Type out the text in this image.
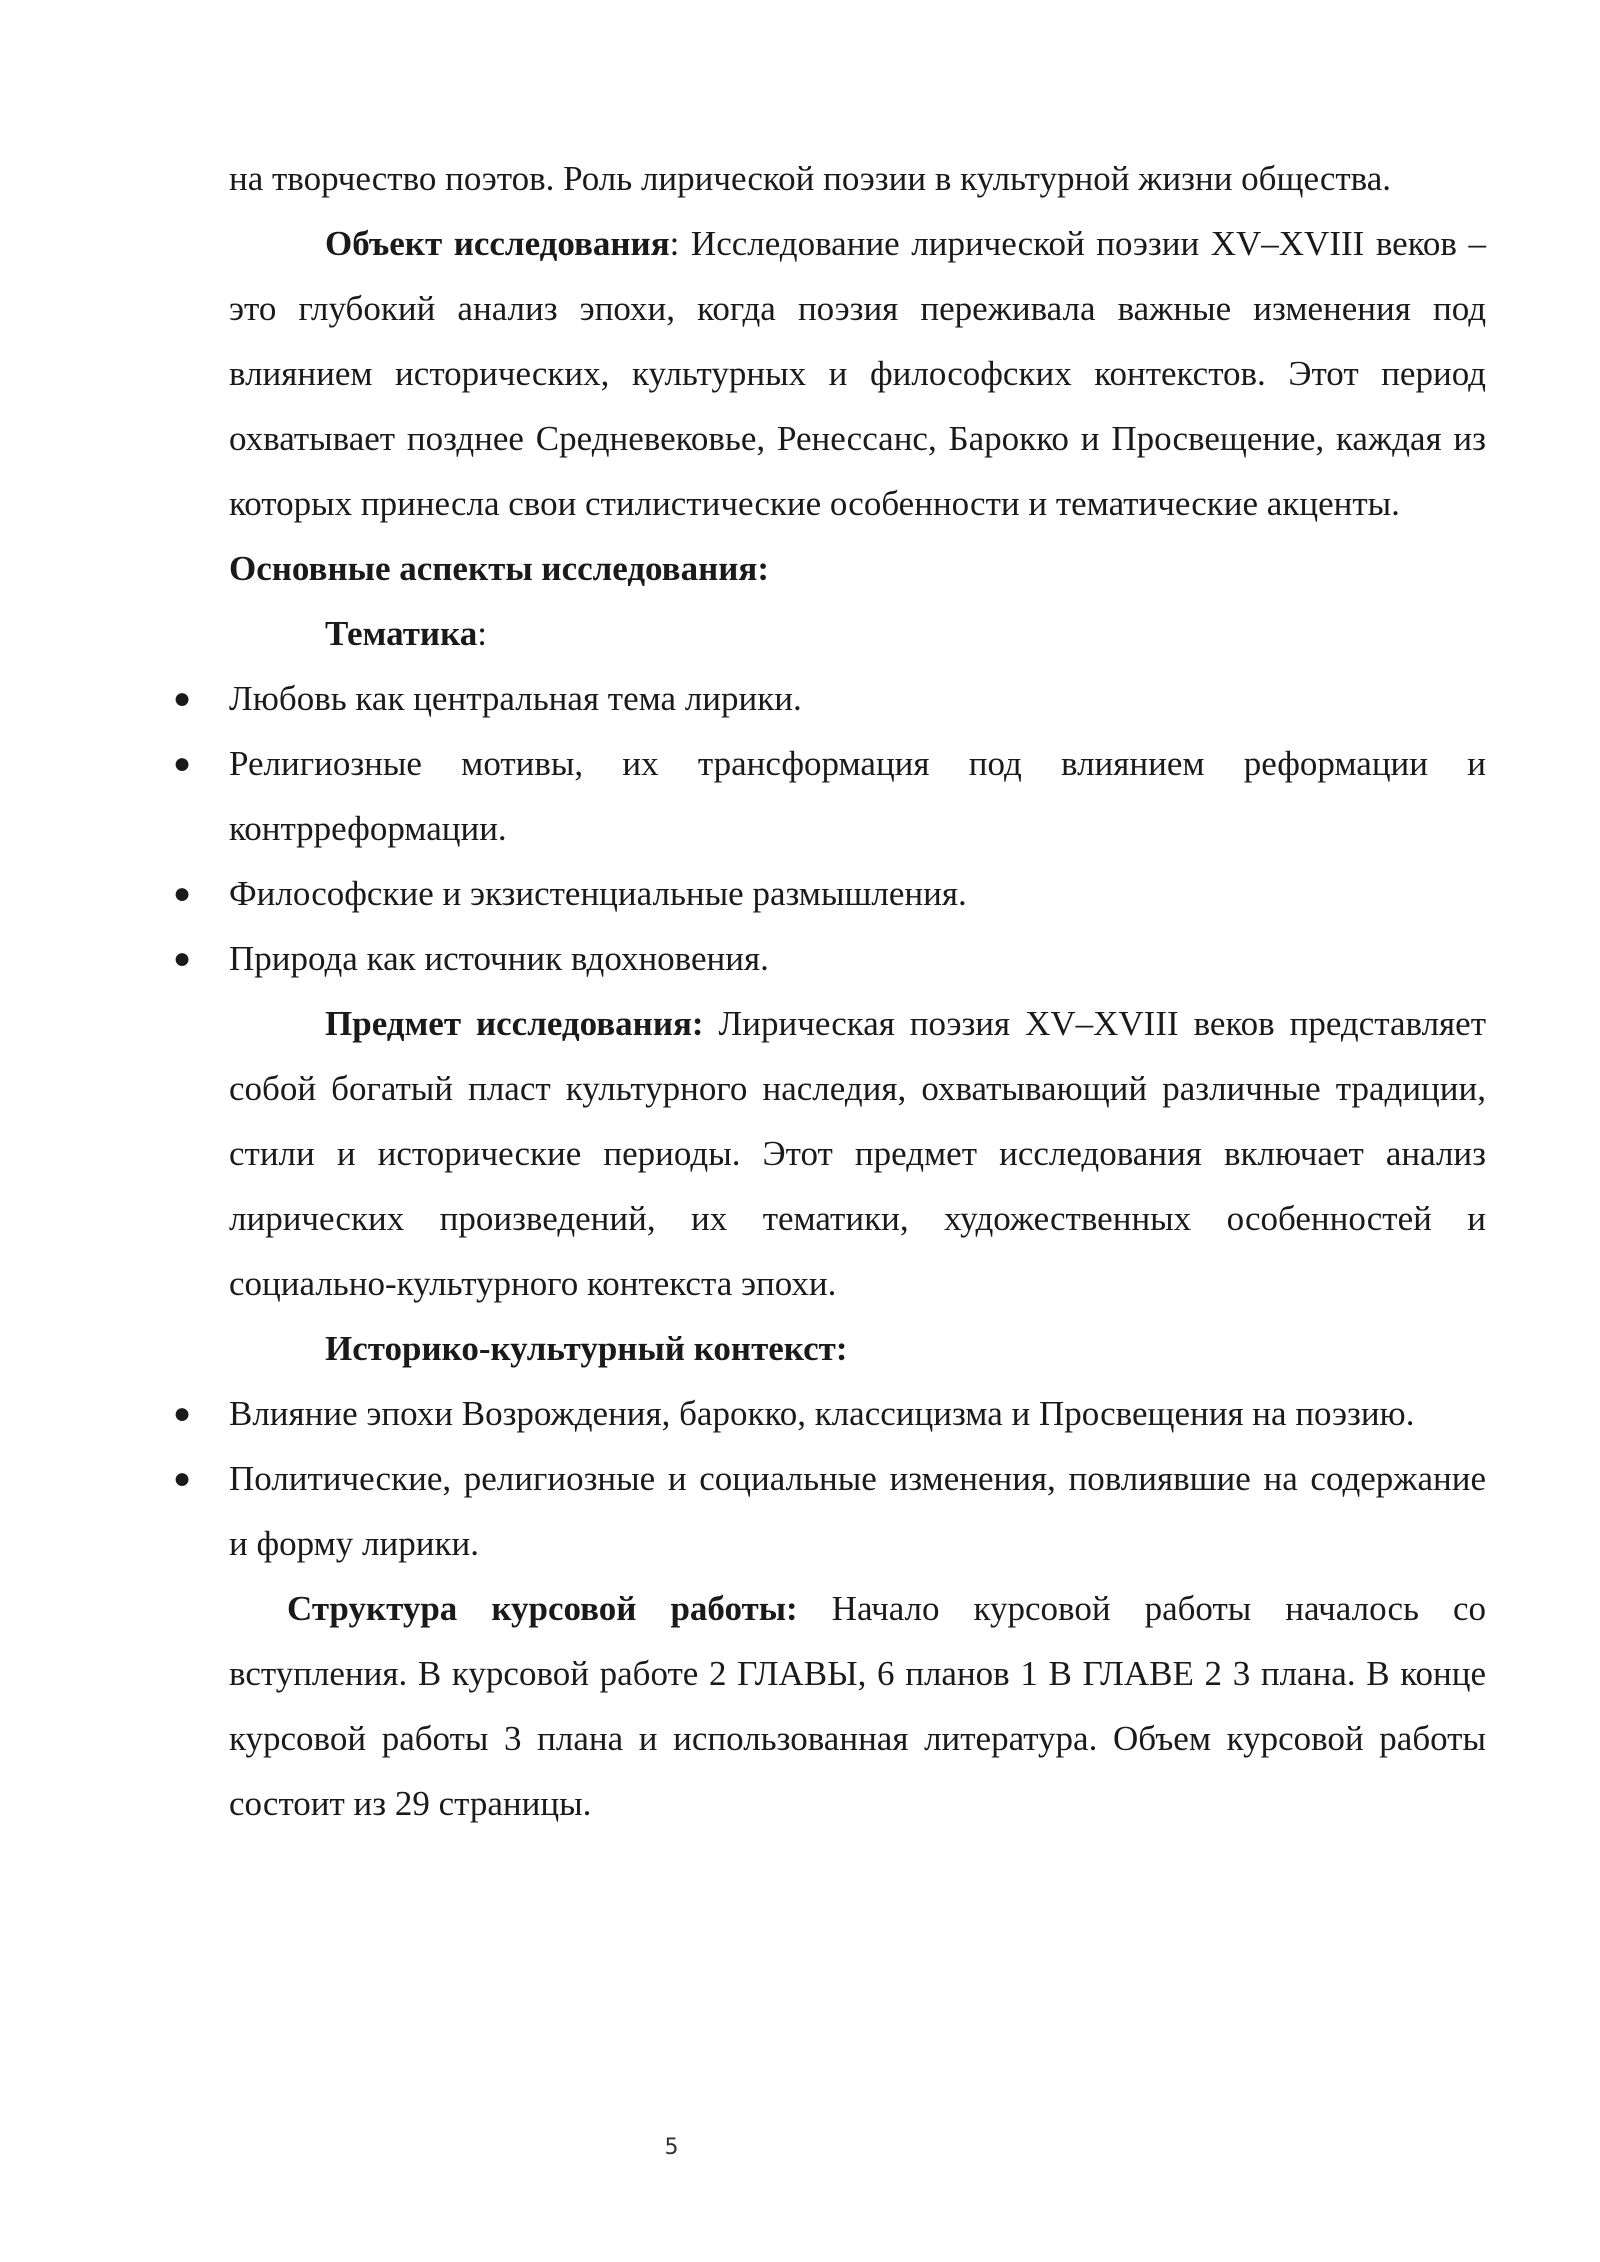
на творчество поэтов. Роль лирической поэзии в культурной жизни общества.

Объект исследования: Исследование лирической поэзии XV–XVIII веков – это глубокий анализ эпохи, когда поэзия переживала важные изменения под влиянием исторических, культурных и философских контекстов. Этот период охватывает позднее Средневековье, Ренессанс, Барокко и Просвещение, каждая из которых принесла свои стилистические особенности и тематические акценты.

Основные аспекты исследования:

Тематика:

● Любовь как центральная тема лирики.
● Религиозные мотивы, их трансформация под влиянием реформации и контрреформации.
● Философские и экзистенциальные размышления.
● Природа как источник вдохновения.

Предмет исследования: Лирическая поэзия XV–XVIII веков представляет собой богатый пласт культурного наследия, охватывающий различные традиции, стили и исторические периоды. Этот предмет исследования включает анализ лирических произведений, их тематики, художественных особенностей и социально-культурного контекста эпохи.

Историко-культурный контекст:

● Влияние эпохи Возрождения, барокко, классицизма и Просвещения на поэзию.
● Политические, религиозные и социальные изменения, повлиявшие на содержание и форму лирики.

Структура курсовой работы: Начало курсовой работы началось со вступления. В курсовой работе 2 ГЛАВЫ, 6 планов 1 В ГЛАВЕ 2 3 плана. В конце курсовой работы 3 плана и использованная литература. Объем курсовой работы состоит из 29 страницы.

5
